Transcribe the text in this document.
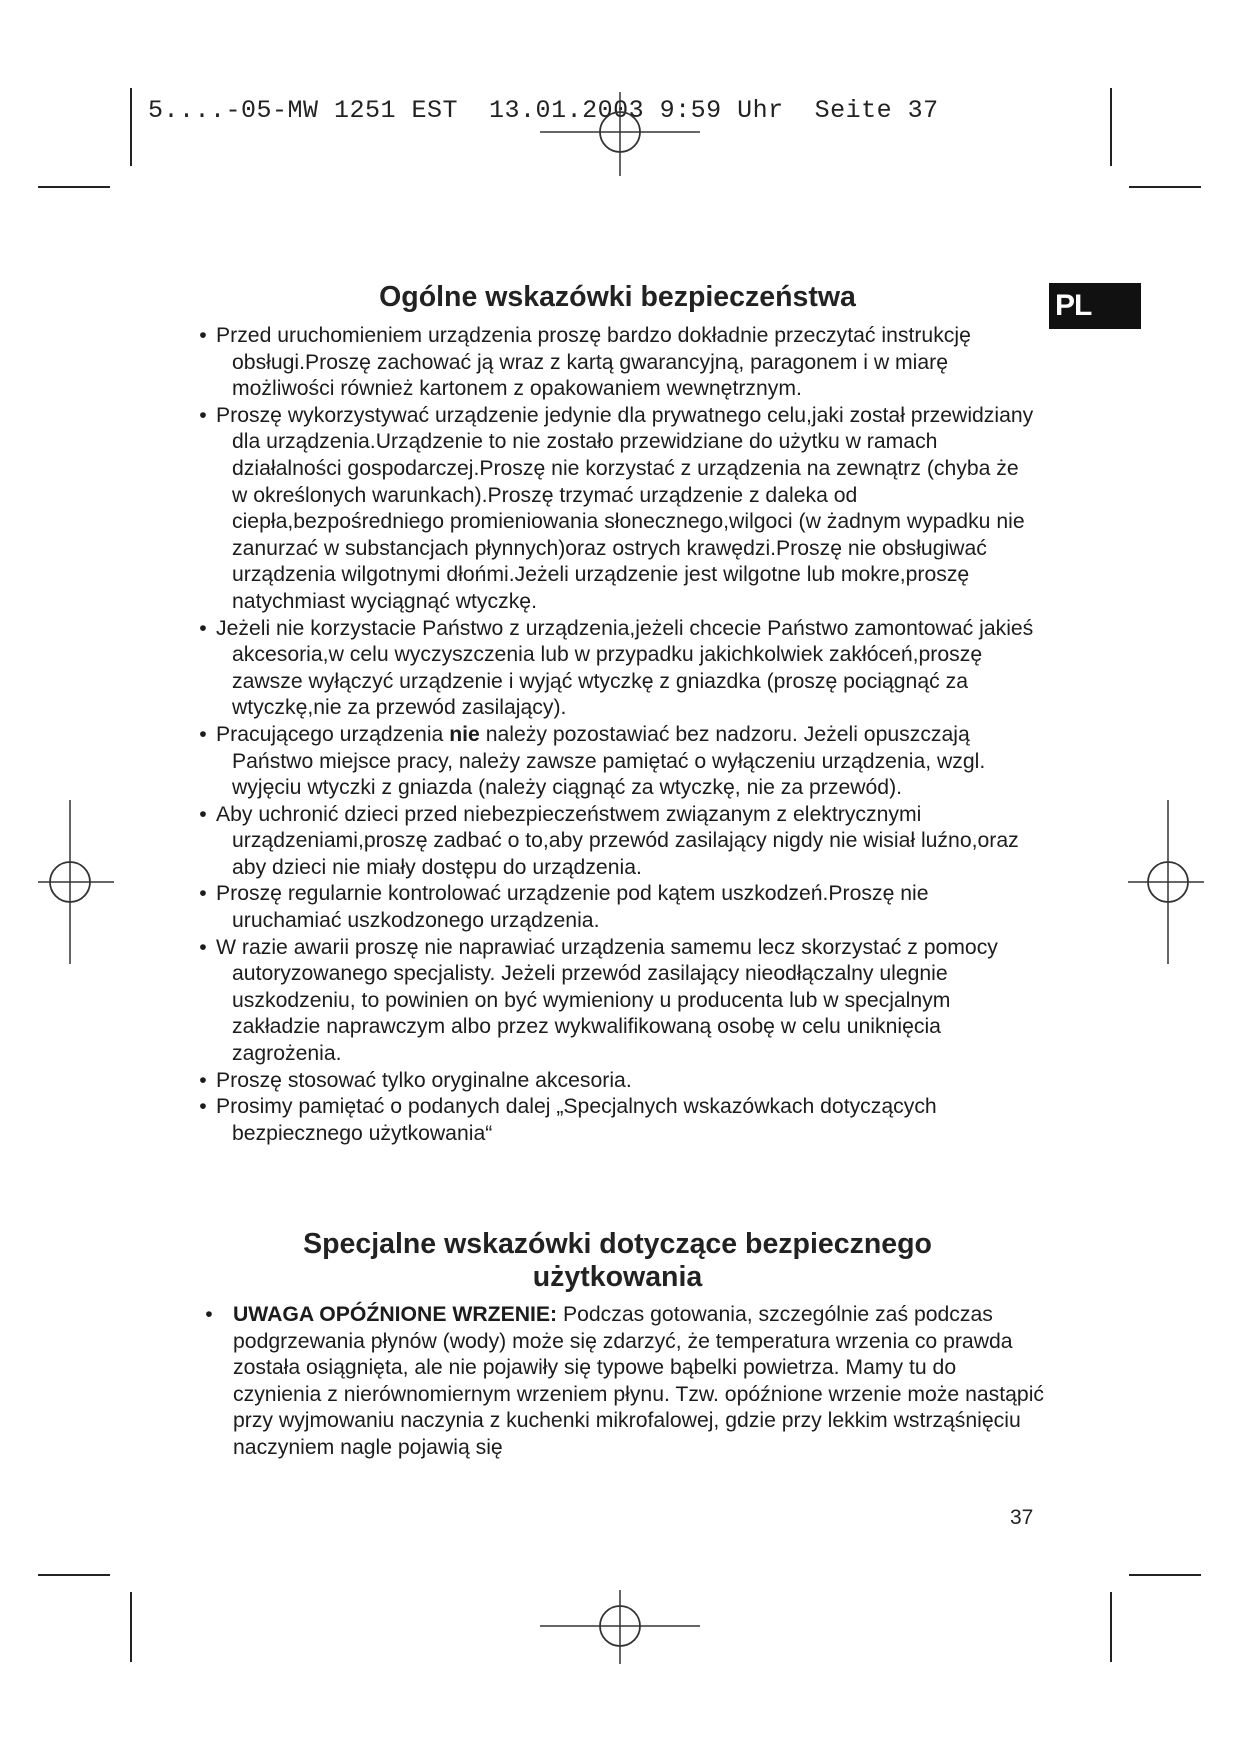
5....-05-MW 1251 EST  13.01.2003 9:59 Uhr  Seite 37
PL
Ogólne wskazówki bezpieczeństwa
• Przed uruchomieniem urządzenia proszę bardzo dokładnie przeczytać instrukcję obsługi.Proszę zachować ją wraz z kartą gwarancyjną, paragonem i w miarę możliwości również kartonem z opakowaniem wewnętrznym.
• Proszę wykorzystywać urządzenie jedynie dla prywatnego celu,jaki został przewidziany dla urządzenia.Urządzenie to nie zostało przewidziane do użytku w ramach działalności gospodarczej.Proszę nie korzystać z urządzenia na zewnątrz (chyba że w określonych warunkach).Proszę trzymać urządzenie z daleka od ciepła,bezpośredniego promieniowania słonecznego,wilgoci (w żadnym wypadku nie zanurzać w substancjach płynnych)oraz ostrych krawędzi.Proszę nie obsługiwać urządzenia wilgotnymi dłońmi.Jeżeli urządzenie jest wilgotne lub mokre,proszę natychmiast wyciągnąć wtyczkę.
• Jeżeli nie korzystacie Państwo z urządzenia,jeżeli chcecie Państwo zamontować jakieś akcesoria,w celu wyczyszczenia lub w przypadku jakichkolwiek zakłóceń,proszę zawsze wyłączyć urządzenie i wyjąć wtyczkę z gniazdka (proszę pociągnąć za wtyczkę,nie za przewód zasilający).
• Pracującego urządzenia nie należy pozostawiać bez nadzoru. Jeżeli opuszczają Państwo miejsce pracy, należy zawsze pamiętać o wyłączeniu urządzenia, wzgl. wyjęciu wtyczki z gniazda (należy ciągnąć za wtyczkę, nie za przewód).
• Aby uchronić dzieci przed niebezpieczeństwem związanym z elektrycznymi urządzeniami,proszę zadbać o to,aby przewód zasilający nigdy nie wisiał luźno,oraz aby dzieci nie miały dostępu do urządzenia.
• Proszę regularnie kontrolować urządzenie pod kątem uszkodzeń.Proszę nie uruchamiać uszkodzonego urządzenia.
• W razie awarii proszę nie naprawiać urządzenia samemu lecz skorzystać z pomocy autoryzowanego specjalisty. Jeżeli przewód zasilający nieodłączalny ulegnie uszkodzeniu, to powinien on być wymieniony u producenta lub w specjalnym zakładzie naprawczym albo przez wykwalifikowaną osobę w celu uniknięcia zagrożenia.
• Proszę stosować tylko oryginalne akcesoria.
• Prosimy pamiętać o podanych dalej „Specjalnych wskazówkach dotyczących bezpiecznego użytkowania“
Specjalne wskazówki dotyczące bezpiecznego
użytkowania
• UWAGA OPÓŹNIONE WRZENIE: Podczas gotowania, szczególnie zaś podczas podgrzewania płynów (wody) może się zdarzyć, że temperatura wrzenia co prawda została osiągnięta, ale nie pojawiły się typowe bąbelki powietrza. Mamy tu do czynienia z nierównomiernym wrzeniem płynu. Tzw. opóźnione wrzenie może nastąpić przy wyjmowaniu naczynia z kuchenki mikrofalowej, gdzie przy lekkim wstrząśnięciu naczyniem nagle pojawią się
37
